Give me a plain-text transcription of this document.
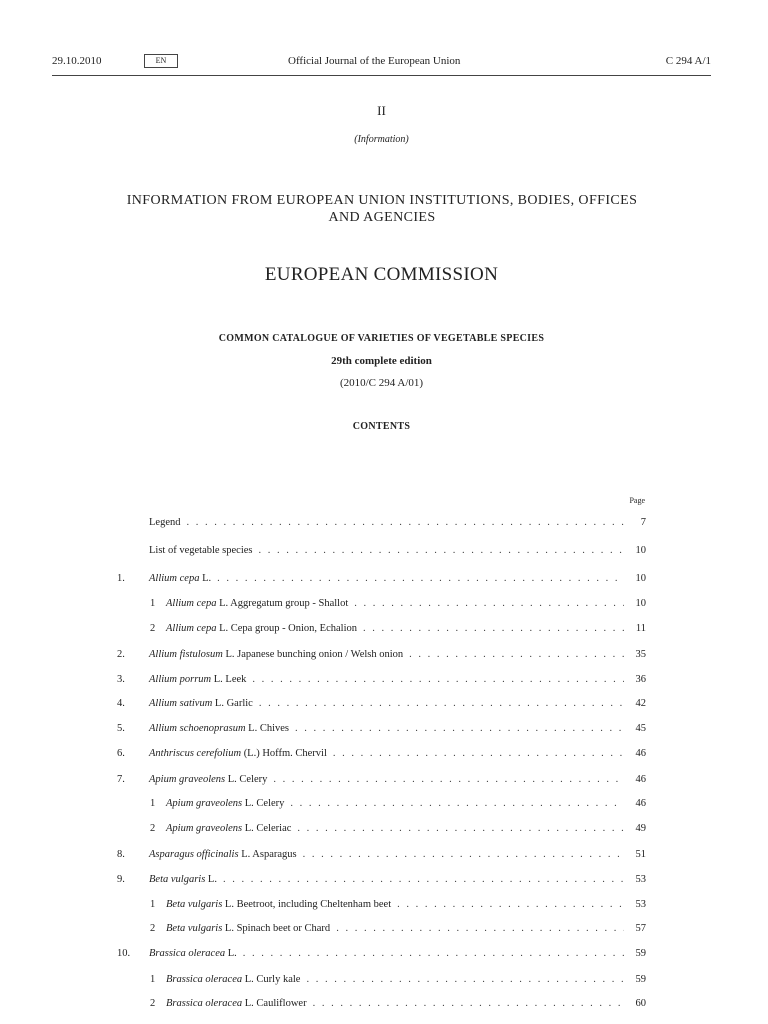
29.10.2010	EN	Official Journal of the European Union	C 294 A/1
II
(Information)
INFORMATION FROM EUROPEAN UNION INSTITUTIONS, BODIES, OFFICES AND AGENCIES
EUROPEAN COMMISSION
COMMON CATALOGUE OF VARIETIES OF VEGETABLE SPECIES
29th complete edition
(2010/C 294 A/01)
CONTENTS
Page
Legend . . .	7
List of vegetable species . . .	10
1.	Allium cepa L. . . .	10
1	Allium cepa L. Aggregatum group - Shallot . . .	10
2	Allium cepa L. Cepa group - Onion, Echalion . . .	11
2.	Allium fistulosum L. Japanese bunching onion / Welsh onion . . .	35
3.	Allium porrum L. Leek . . .	36
4.	Allium sativum L. Garlic . . .	42
5.	Allium schoenoprasum L. Chives . . .	45
6.	Anthriscus cerefolium (L.) Hoffm. Chervil . . .	46
7.	Apium graveolens L. Celery . . .	46
1	Apium graveolens L. Celery . . .	46
2	Apium graveolens L. Celeriac . . .	49
8.	Asparagus officinalis L. Asparagus . . .	51
9.	Beta vulgaris L. . . .	53
1	Beta vulgaris L. Beetroot, including Cheltenham beet . . .	53
2	Beta vulgaris L. Spinach beet or Chard . . .	57
10.	Brassica oleracea L. . . .	59
1	Brassica oleracea L. Curly kale . . .	59
2	Brassica oleracea L. Cauliflower . . .	60
